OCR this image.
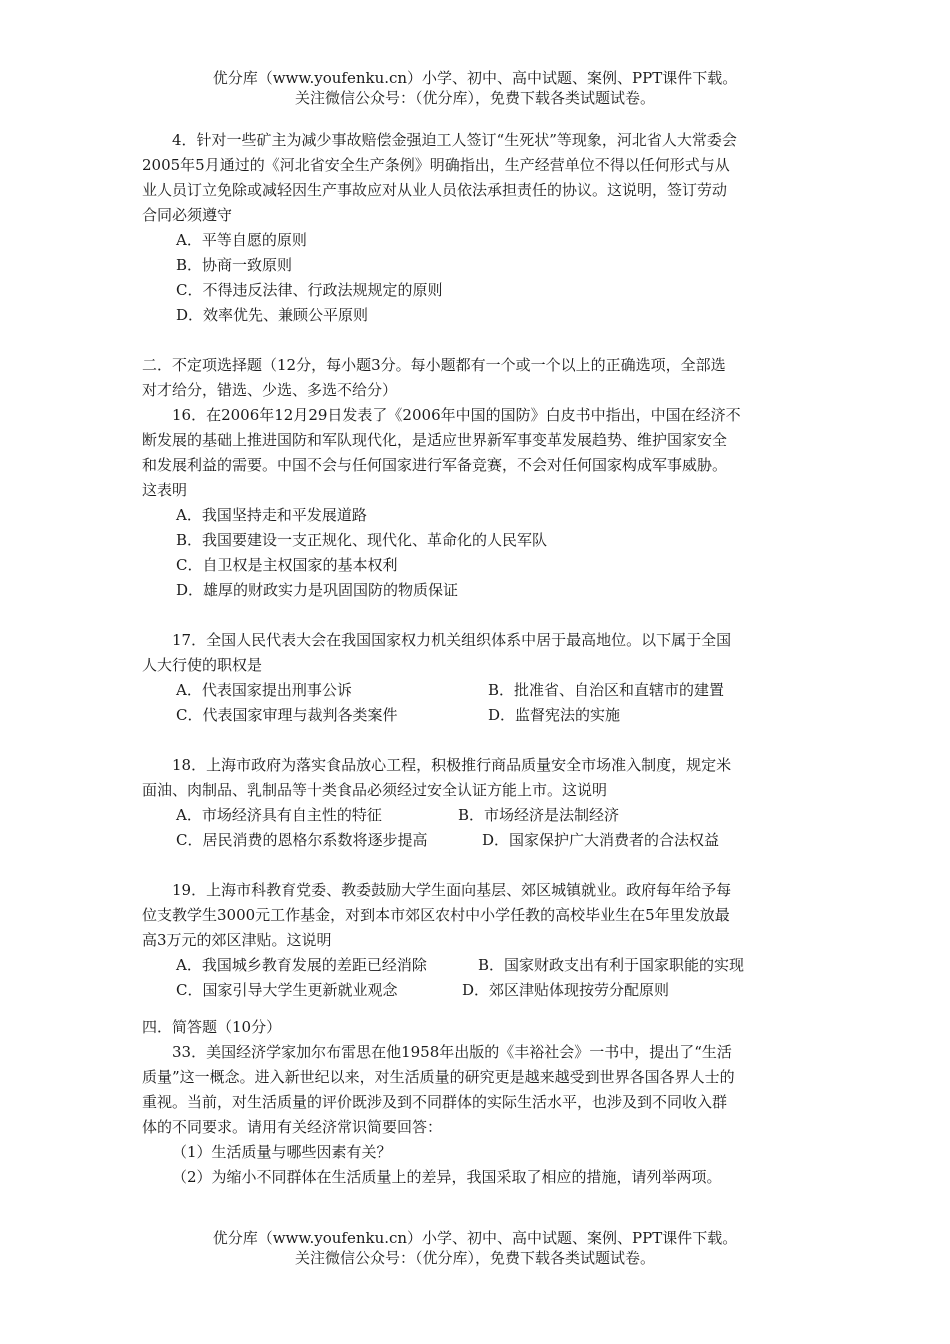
优分库（www.youfenku.cn）小学、初中、高中试题、案例、PPT课件下载。
关注微信公众号：（优分库），免费下载各类试题试卷。
4．针对一些矿主为减少事故赔偿金强迫工人签订“生死状”等现象，河北省人大常委会
2005年5月通过的《河北省安全生产条例》明确指出，生产经营单位不得以任何形式与从
业人员订立免除或减轻因生产事故应对从业人员依法承担责任的协议。这说明，签订劳动
合同必须遵守
A．平等自愿的原则
B．协商一致原则
C．不得违反法律、行政法规规定的原则
D．效率优先、兼顾公平原则
二．不定项选择题（12分，每小题3分。每小题都有一个或一个以上的正确选项，全部选
对才给分，错选、少选、多选不给分）
16．在2006年12月29日发表了《2006年中国的国防》白皮书中指出，中国在经济不
断发展的基础上推进国防和军队现代化，是适应世界新军事变革发展趋势、维护国家安全
和发展利益的需要。中国不会与任何国家进行军备竞赛，不会对任何国家构成军事威胁。
这表明
A．我国坚持走和平发展道路
B．我国要建设一支正规化、现代化、革命化的人民军队
C．自卫权是主权国家的基本权利
D．雄厚的财政实力是巩固国防的物质保证
17．全国人民代表大会在我国国家权力机关组织体系中居于最高地位。以下属于全国
人大行使的职权是
A．代表国家提出刑事公诉	B．批准省、自治区和直辖市的建置
C．代表国家审理与裁判各类案件	D．监督宪法的实施
18．上海市政府为落实食品放心工程，积极推行商品质量安全市场准入制度，规定米
面油、肉制品、乳制品等十类食品必须经过安全认证方能上市。这说明
A．市场经济具有自主性的特征	B．市场经济是法制经济
C．居民消费的恩格尔系数将逐步提高	D．国家保护广大消费者的合法权益
19．上海市科教育党委、教委鼓励大学生面向基层、郊区城镇就业。政府每年给予每
位支教学生3000元工作基金，对到本市郊区农村中小学任教的高校毕业生在5年里发放最
高3万元的郊区津贴。这说明
A．我国城乡教育发展的差距已经消除	B．国家财政支出有利于国家职能的实现
C．国家引导大学生更新就业观念	D．郊区津贴体现按劳分配原则
四．简答题（10分）
33．美国经济学家加尔布雷思在他1958年出版的《丰裕社会》一书中，提出了“生活
质量”这一概念。进入新世纪以来，对生活质量的研究更是越来越受到世界各国各界人士的
重视。当前，对生活质量的评价既涉及到不同群体的实际生活水平，也涉及到不同收入群
体的不同要求。请用有关经济常识简要回答：
（1）生活质量与哪些因素有关？
（2）为缩小不同群体在生活质量上的差异，我国采取了相应的措施，请列举两项。
优分库（www.youfenku.cn）小学、初中、高中试题、案例、PPT课件下载。
关注微信公众号：（优分库），免费下载各类试题试卷。
